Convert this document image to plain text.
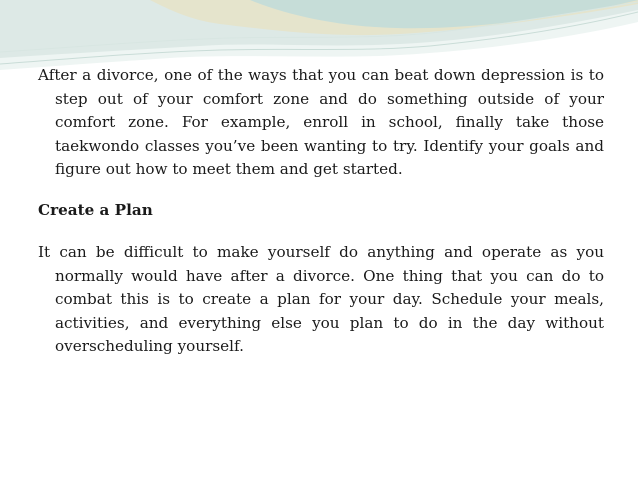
After a divorce, one of the ways that you can beat down depression is to step out of your comfort zone and do something outside of your comfort zone. For example, enroll in school, finally take those taekwondo classes you’ve been wanting to try. Identify your goals and figure out how to meet them and get started.

Create a Plan

It can be difficult to make yourself do anything and operate as you normally would have after a divorce. One thing that you can do to combat this is to create a plan for your day. Schedule your meals, activities, and everything else you plan to do in the day without overscheduling yourself.
